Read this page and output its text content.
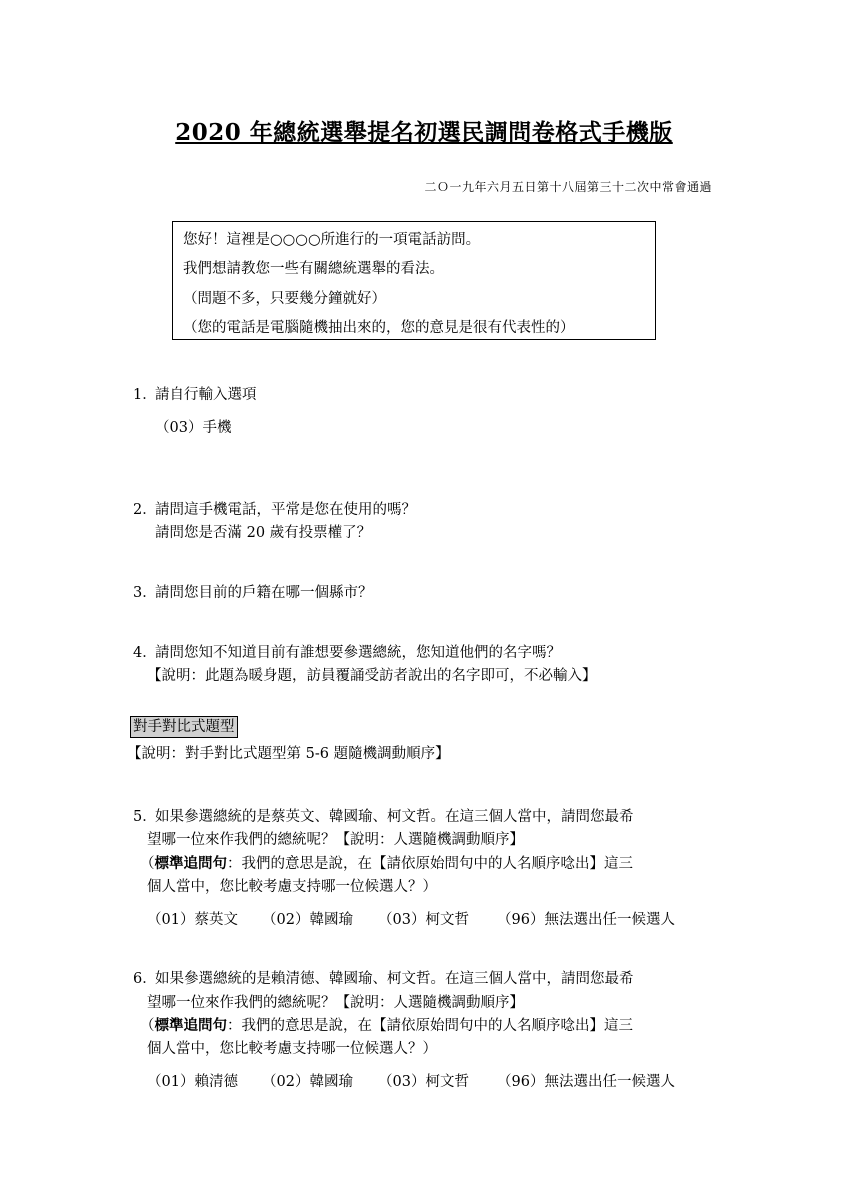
2020 年總統選舉提名初選民調問卷格式手機版
二Ｏ一九年六月五日第十八屆第三十二次中常會通過
您好！這裡是○○○○所進行的一項電話訪問。
我們想請教您一些有關總統選舉的看法。
（問題不多，只要幾分鐘就好）
（您的電話是電腦隨機抽出來的，您的意見是很有代表性的）
1．
請自行輸入選項
（03）手機
2．
請問這手機電話，平常是您在使用的嗎？
請問您是否滿 20 歲有投票權了？
3．
請問您目前的戶籍在哪一個縣市？
4．
請問您知不知道目前有誰想要參選總統，您知道他們的名字嗎？
【說明：此題為暖身題，訪員覆誦受訪者說出的名字即可，不必輸入】
對手對比式題型
【說明：對手對比式題型第 5-6 題隨機調動順序】
5．
如果參選總統的是蔡英文、韓國瑜、柯文哲。在這三個人當中，請問您最希
望哪一位來作我們的總統呢？【說明：人選隨機調動順序】
（標準追問句：我們的意思是說，在【請依原始問句中的人名順序唸出】這三
個人當中，您比較考慮支持哪一位候選人？）
（01）蔡英文 （02）韓國瑜 （03）柯文哲 （96）無法選出任一候選人
6．
如果參選總統的是賴清德、韓國瑜、柯文哲。在這三個人當中，請問您最希
望哪一位來作我們的總統呢？【說明：人選隨機調動順序】
（標準追問句：我們的意思是說，在【請依原始問句中的人名順序唸出】這三
個人當中，您比較考慮支持哪一位候選人？）
（01）賴清德 （02）韓國瑜 （03）柯文哲 （96）無法選出任一候選人
